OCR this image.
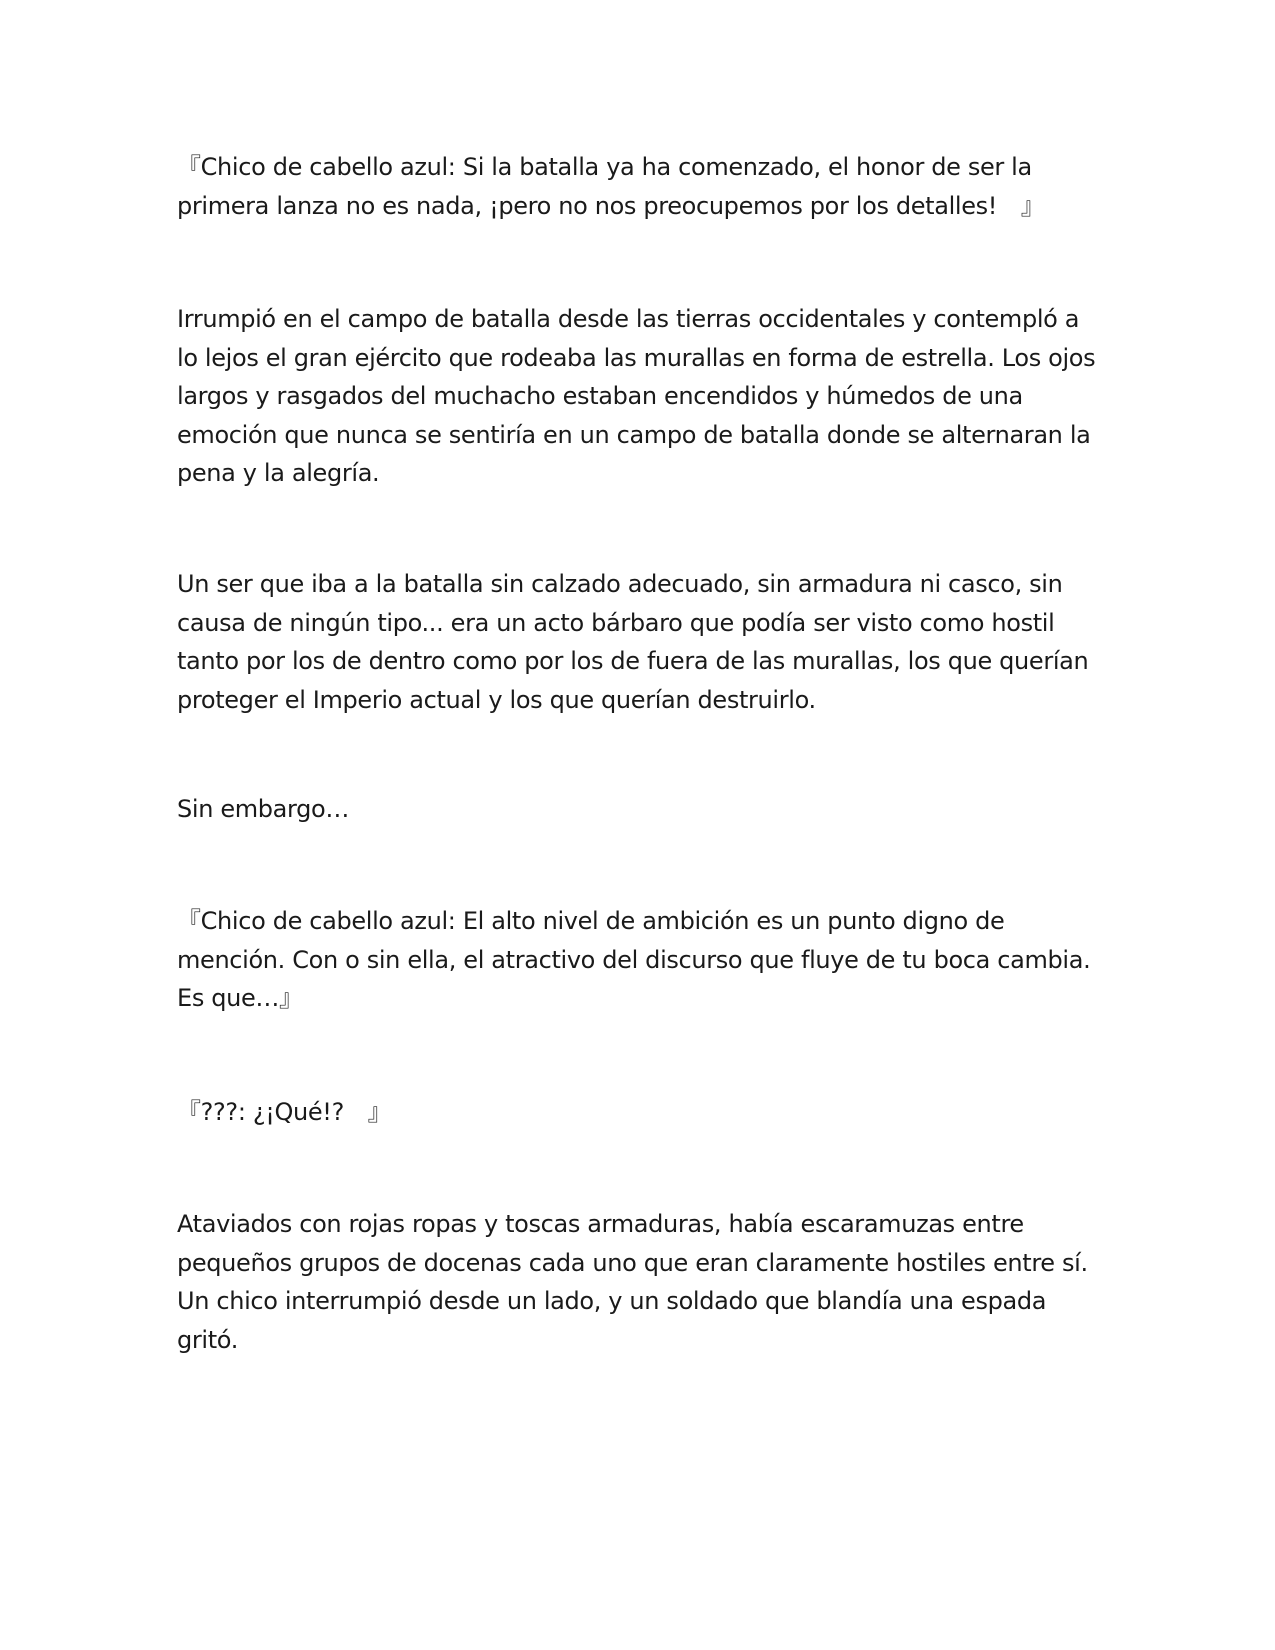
『Chico de cabello azul: Si la batalla ya ha comenzado, el honor de ser la primera lanza no es nada, ¡pero no nos preocupemos por los detalles!　』

Irrumpió en el campo de batalla desde las tierras occidentales y contempló a lo lejos el gran ejército que rodeaba las murallas en forma de estrella. Los ojos largos y rasgados del muchacho estaban encendidos y húmedos de una emoción que nunca se sentiría en un campo de batalla donde se alternaran la pena y la alegría.

Un ser que iba a la batalla sin calzado adecuado, sin armadura ni casco, sin causa de ningún tipo... era un acto bárbaro que podía ser visto como hostil tanto por los de dentro como por los de fuera de las murallas, los que querían proteger el Imperio actual y los que querían destruirlo.

Sin embargo…

『Chico de cabello azul: El alto nivel de ambición es un punto digno de mención. Con o sin ella, el atractivo del discurso que fluye de tu boca cambia. Es que…』

『???: ¿¡Qué!?　』

Ataviados con rojas ropas y toscas armaduras, había escaramuzas entre pequeños grupos de docenas cada uno que eran claramente hostiles entre sí. Un chico interrumpió desde un lado, y un soldado que blandía una espada gritó.
